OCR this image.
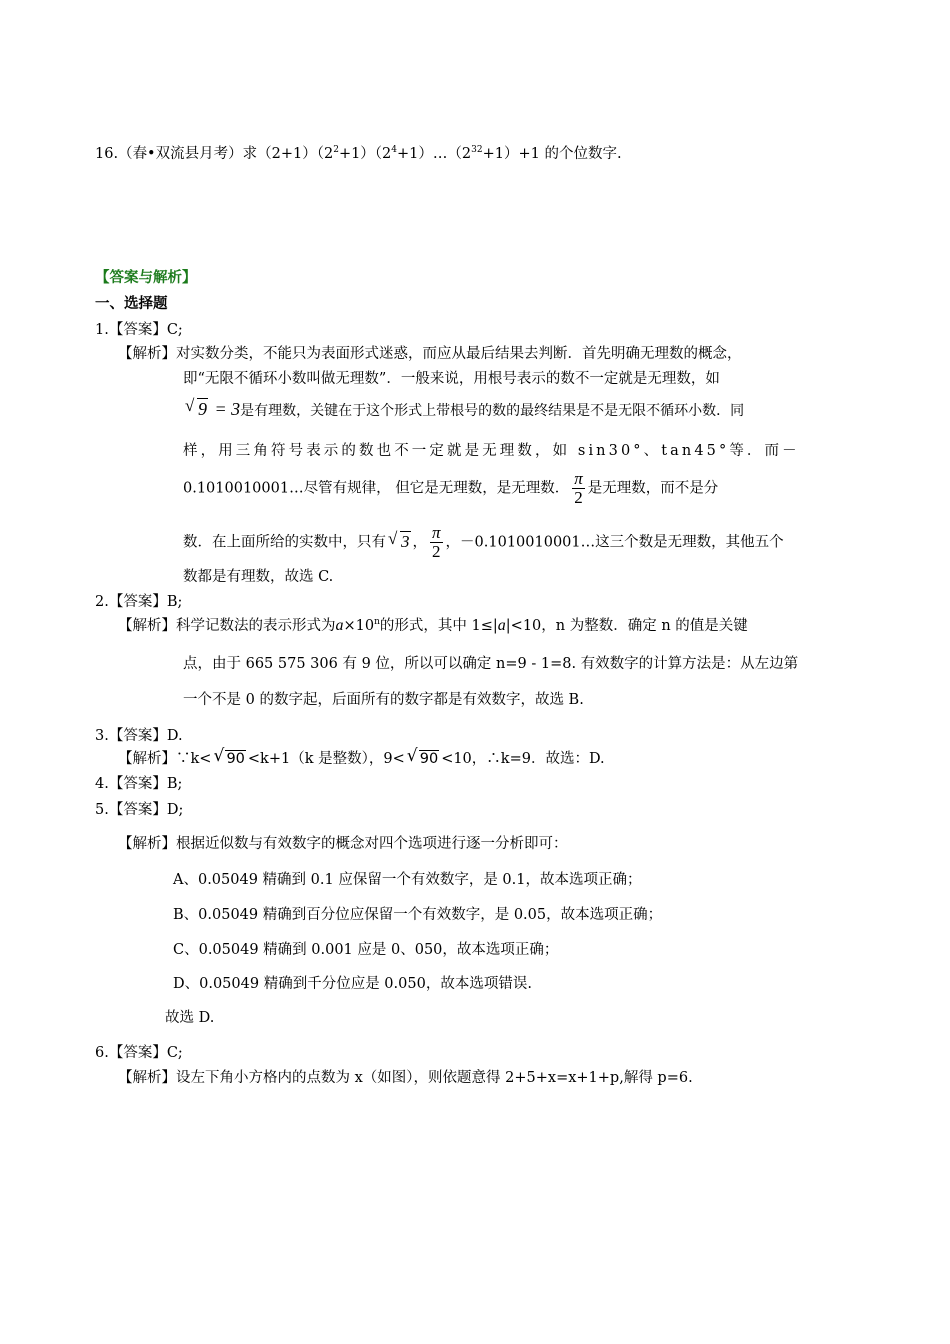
16.（春•双流县月考）求$(2+1)(2^2+1)(2^4+1)\dots(2^{32}+1)+1$ 的个位数字.
【答案与解析】
一、选择题
1.【答案】C;
【解析】对实数分类，不能只为表面形式迷惑，而应从最后结果去判断．首先明确无理数的概念，
即“无限不循环小数叫做无理数”．一般来说，用根号表示的数不一定就是无理数，如
√ 9 = 3是有理数，关键在于这个形式上带根号的数的最终结果是不是无限不循环小数．同
样，用三角符号表示的数也不一定就是无理数，如 sin30°、tan45°等．而－
0.1010010001…尽管有规律， 但它是无理数，是无理数． $\frac{\pi}{2}$ 是无理数，而不是分
数．在上面所给的实数中，只有 √ 3 ， $\frac{\pi}{2}$ ，－0.1010010001…这三个数是无理数，其他五个
数都是有理数，故选 C.
2.【答案】B;
【解析】科学记数法的表示形式为$a\times 10^n$的形式，其中 1≤|a|<10，n 为整数．确定 n 的值是关键
点，由于 665 575 306 有 9 位，所以可以确定 n=9 - 1=8. 有效数字的计算方法是：从左边第
一个不是 0 的数字起，后面所有的数字都是有效数字，故选 B.
3.【答案】D.
【解析】∵k< √ 90 <k+1（k 是整数），9< √ 90 <10，∴k=9．故选：D.
4.【答案】B;
5.【答案】D;
【解析】根据近似数与有效数字的概念对四个选项进行逐一分析即可：
A、0.05049 精确到 0.1 应保留一个有效数字，是 0.1，故本选项正确；
B、0.05049 精确到百分位应保留一个有效数字，是 0.05，故本选项正确；
C、0.05049 精确到 0.001 应是 0、050，故本选项正确；
D、0.05049 精确到千分位应是 0.050，故本选项错误.
故选 D.
6.【答案】C;
【解析】设左下角小方格内的点数为 x（如图），则依题意得 2+5+x=x+1+p,解得 p=6.
